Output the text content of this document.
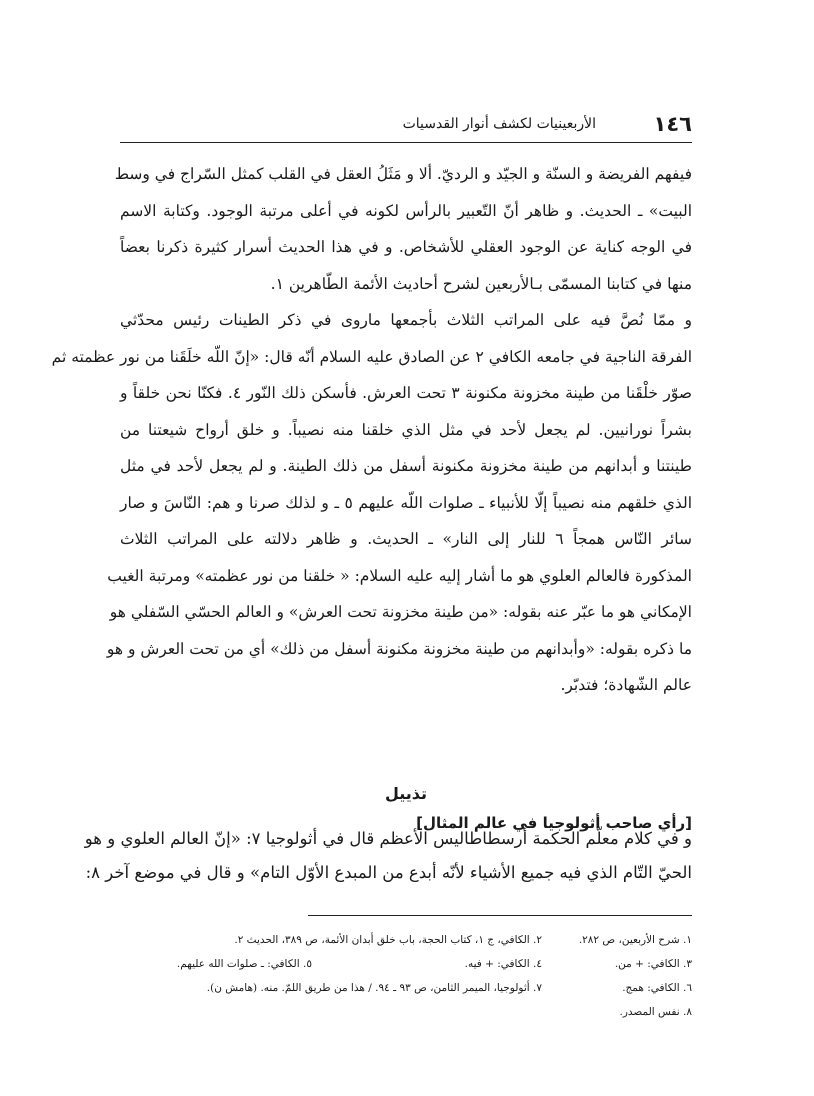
١٤٦
الأربعينيات لكشف أنوار القدسيات
فيفهم الفريضة و السنّة و الجيّد و الرديّ. ألا و مَثَلُ العقل في القلب كمثل السّراج في وسط
البيت» ـ الحديث. و ظاهر أنّ التّعبير بالرأس لكونه في أعلى مرتبة الوجود. وكتابة الاسم
في الوجه كناية عن الوجود العقلي للأشخاص. و في هذا الحديث أسرار كثيرة ذكرنا بعضاً
منها في كتابنا المسمّى بـالأربعين لشرح أحاديث الأئمة الطّاهرين ١.
و ممّا نُصَّ فيه على المراتب الثلاث بأجمعها ماروى في ذكر الطينات رئيس محدّثي
الفرقة الناجية في جامعه الكافي ٢ عن الصادق عليه السلام أنّه قال: «إنّ اللّه خلَقَنا من نور عظمته ثم
صوّر خلْقَنا من طينة مخزونة مكنونة ٣ تحت العرش. فأسكن ذلك النّور ٤. فكنّا نحن خلقاً و
بشراً نورانيين. لم يجعل لأحد في مثل الذي خلقنا منه نصيباً. و خلق أرواح شيعتنا من
طينتنا و أبدانهم من طينة مخزونة مكنونة أسفل من ذلك الطينة. و لم يجعل لأحد في مثل
الذي خلقهم منه نصيباً إلّا للأنبياء ـ صلوات اللّه عليهم ٥ ـ و لذلك صرنا و هم: النّاسَ و صار
سائر النّاس همجاً ٦ للنار إلى النار» ـ الحديث. و ظاهر دلالته على المراتب الثلاث
المذكورة فالعالم العلوي هو ما أشار إليه عليه السلام: « خلقنا من نور عظمته» ومرتبة الغيب
الإمكاني هو ما عبّر عنه بقوله: «من طينة مخزونة تحت العرش» و العالم الحسّي السّفلي هو
ما ذكره بقوله: «وأبدانهم من طينة مخزونة مكنونة أسفل من ذلك» أي من تحت العرش و هو
عالم الشّهادة؛ فتدبّر.
تذييل
[رأي صاحب أثولوجيا في عالم المثال]
و في كلام معلّم الحكمة أرسطاطاليس الأعظم قال في أثولوجيا ٧: «إنّ العالم العلوي و هو
الحيّ التّام الذي فيه جميع الأشياء لأنّه أبدع من المبدع الأوّل التام» و قال في موضع آخر ٨:
١. شرح الأربعين، ص ٢٨٢.
٢. الكافي، ج ١، كتاب الحجة، باب خلق أبدان الأئمة، ص ٣٨٩، الحديث ٢.
٣. الكافي: + من.
٤. الكافي: + فيه.
٥. الكافي: ـ صلوات الله عليهم.
٦. الكافي: همج.
٧. أثولوجيا، الميمر الثامن، ص ٩٣ ـ ٩٤. / هذا من طريق اللمّ. منه. (هامش ن).
٨. نفس المصدر.
